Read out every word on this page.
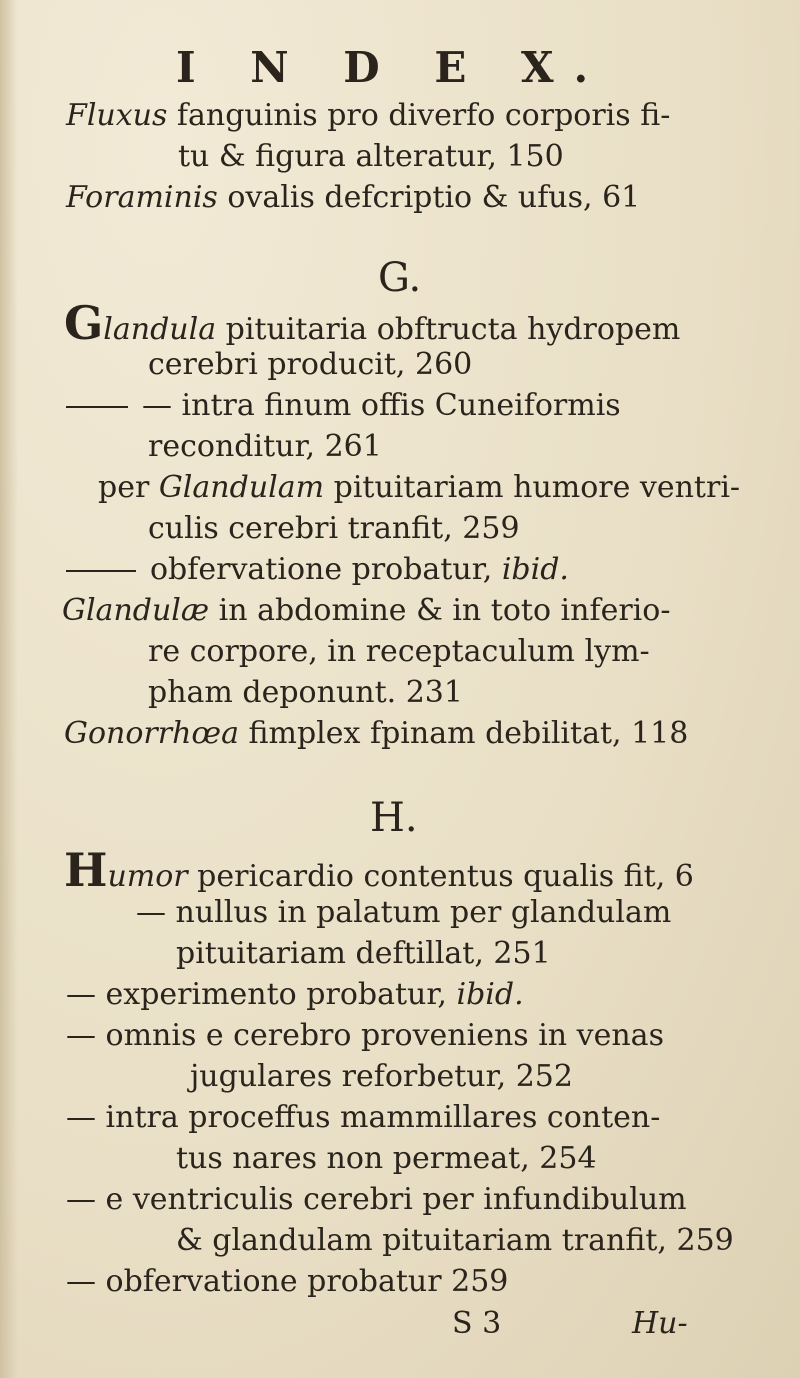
I N D E X.
Fluxus fanguinis pro diverfo corporis fi-
tu & figura alteratur, 150
Foraminis ovalis defcriptio & ufus, 61
G.
Glandula pituitaria obftructa hydropem
cerebri producit, 260
— intra finum offis Cuneiformis
reconditur, 261
per Glandulam pituitariam humore ventri-
culis cerebri tranfit, 259
obfervatione probatur, ibid.
Glandulæ in abdomine & in toto inferio-
re corpore, in receptaculum lym-
pham deponunt. 231
Gonorrhœa fimplex fpinam debilitat, 118
H.
Humor pericardio contentus qualis fit, 6
— nullus in palatum per glandulam
pituitariam deftillat, 251
— experimento probatur, ibid.
— omnis e cerebro proveniens in venas
jugulares reforbetur, 252
— intra proceffus mammillares conten-
tus nares non permeat, 254
— e ventriculis cerebri per infundibulum
& glandulam pituitariam tranfit, 259
— obfervatione probatur 259
S 3	Hu-
